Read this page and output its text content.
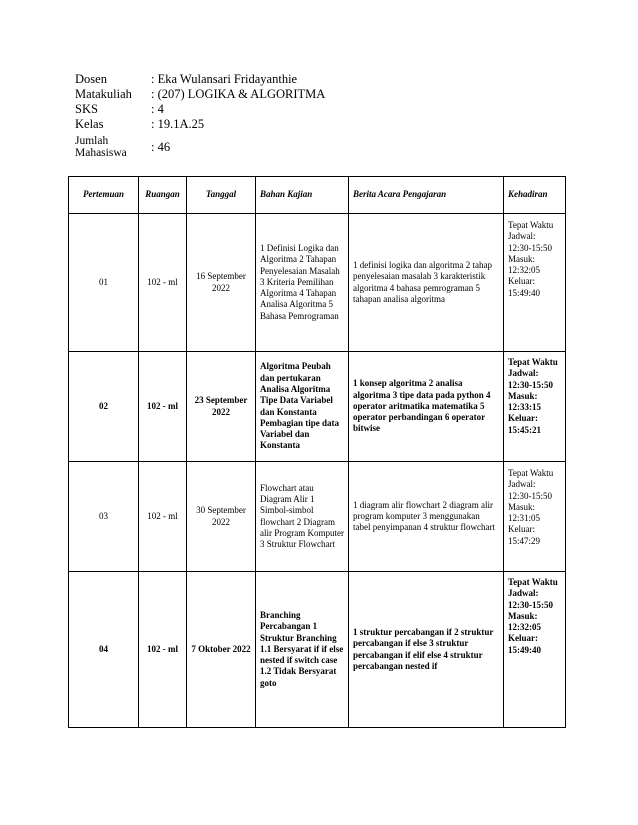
Dosen	: Eka Wulansari Fridayanthie
Matakuliah	: (207) LOGIKA & ALGORITMA
SKS	: 4
Kelas	: 19.1A.25
Jumlah
Mahasiswa	: 46
Pertemuan	Ruangan	Tanggal	Bahan Kajian	Berita Acara Pengajaran	Kehadiran
01	102 - ml	16 September 2022	1 Definisi Logika dan Algoritma 2 Tahapan Penyelesaian Masalah 3 Kriteria Pemilihan Algoritma 4 Tahapan Analisa Algoritma 5 Bahasa Pemrograman	1 definisi logika dan algoritma 2 tahap penyelesaian masalah 3 karakteristik algoritma 4 bahasa pemrograman 5 tahapan analisa algoritma	Tepat Waktu Jadwal: 12:30-15:50 Masuk: 12:32:05 Keluar: 15:49:40
02	102 - ml	23 September 2022	Algoritma Peubah dan pertukaran Analisa Algoritma Tipe Data Variabel dan Konstanta Pembagian tipe data Variabel dan Konstanta	1 konsep algoritma 2 analisa algoritma 3 tipe data pada python 4 operator aritmatika matematika 5 operator perbandingan 6 operator bitwise	Tepat Waktu Jadwal: 12:30-15:50 Masuk: 12:33:15 Keluar: 15:45:21
03	102 - ml	30 September 2022	Flowchart atau Diagram Alir 1 Simbol-simbol flowchart 2 Diagram alir Program Komputer 3 Struktur Flowchart	1 diagram alir flowchart 2 diagram alir program komputer 3 menggunakan tabel penyimpanan 4 struktur flowchart	Tepat Waktu Jadwal: 12:30-15:50 Masuk: 12:31:05 Keluar: 15:47:29
04	102 - ml	7 Oktober 2022	Branching Percabangan 1 Struktur Branching 1.1 Bersyarat if if else nested if switch case 1.2 Tidak Bersyarat goto	1 struktur percabangan if 2 struktur percabangan if else 3 struktur percabangan if elif else 4 struktur percabangan nested if	Tepat Waktu Jadwal: 12:30-15:50 Masuk: 12:32:05 Keluar: 15:49:40
